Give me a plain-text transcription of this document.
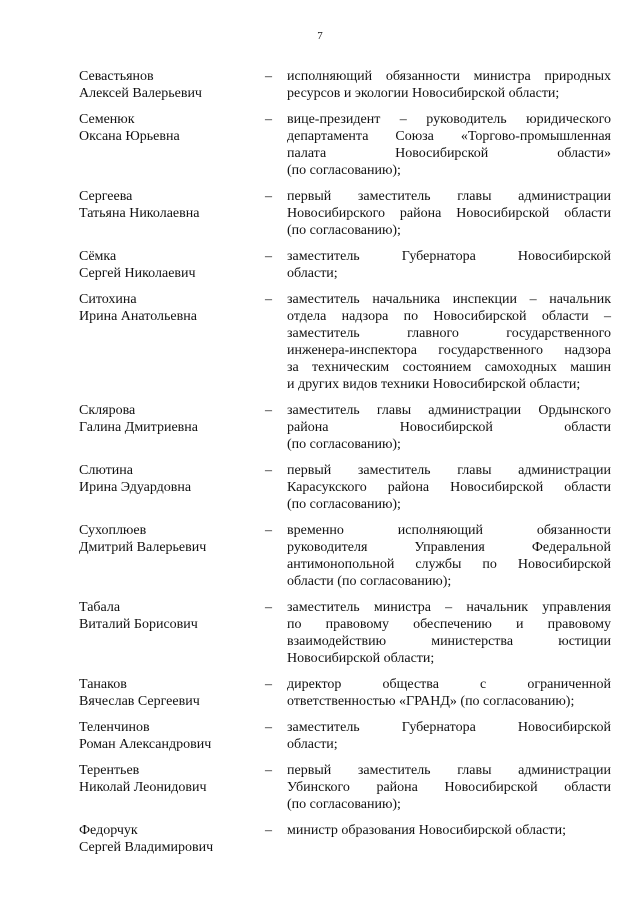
7
Севастьянов
Алексей Валерьевич
–	исполняющий обязанности министра природных
ресурсов и экологии Новосибирской области;
Семенюк
Оксана Юрьевна
–	вице-президент – руководитель юридического
департамента Союза «Торгово-промышленная
палата Новосибирской области»
(по согласованию);
Сергеева
Татьяна Николаевна
–	первый заместитель главы администрации
Новосибирского района Новосибирской области
(по согласованию);
Сёмка
Сергей Николаевич
–	заместитель Губернатора Новосибирской
области;
Ситохина
Ирина Анатольевна
–	заместитель начальника инспекции – начальник
отдела надзора по Новосибирской области –
заместитель главного государственного
инженера-инспектора государственного надзора
за техническим состоянием самоходных машин
и других видов техники Новосибирской области;
Склярова
Галина Дмитриевна
–	заместитель главы администрации Ордынского
района Новосибирской области
(по согласованию);
Слютина
Ирина Эдуардовна
–	первый заместитель главы администрации
Карасукского района Новосибирской области
(по согласованию);
Сухоплюев
Дмитрий Валерьевич
–	временно исполняющий обязанности
руководителя Управления Федеральной
антимонопольной службы по Новосибирской
области (по согласованию);
Табала
Виталий Борисович
–	заместитель министра – начальник управления
по правовому обеспечению и правовому
взаимодействию министерства юстиции
Новосибирской области;
Танаков
Вячеслав Сергеевич
–	директор общества с ограниченной
ответственностью «ГРАНД» (по согласованию);
Теленчинов
Роман Александрович
–	заместитель Губернатора Новосибирской
области;
Терентьев
Николай Леонидович
–	первый заместитель главы администрации
Убинского района Новосибирской области
(по согласованию);
Федорчук
Сергей Владимирович
–	министр образования Новосибирской области;
